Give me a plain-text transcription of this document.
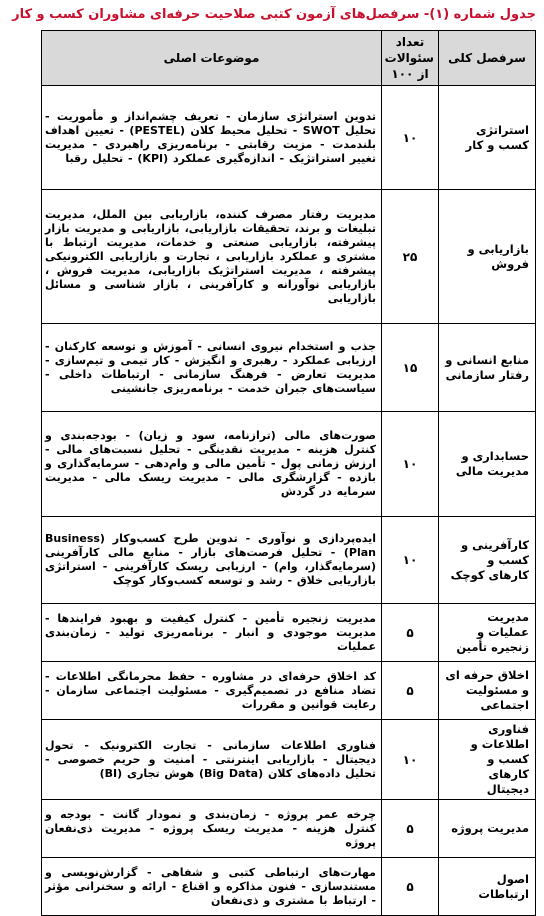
جدول شماره (۱)- سرفصل‌های آزمون کتبی صلاحیت حرفه‌ای مشاوران کسب و کار
سرفصل کلی	تعداد سئوالات از ۱۰۰	موضوعات اصلی
استراتژی کسب و کار	۱۰	تدوین استراتژی سازمان - تعریف چشم‌انداز و مأموریت - تحلیل SWOT - تحلیل محیط کلان (PESTEL) - تعیین اهداف بلندمدت - مزیت رقابتی - برنامه‌ریزی راهبردی - مدیریت تغییر استراتژیک - اندازه‌گیری عملکرد (KPI) - تحلیل رقبا
بازاریابی و فروش	۲۵	مدیریت رفتار مصرف کننده، بازاریابی بین الملل، مدیریت تبلیغات و برند، تحقیقات بازاریابی، بازاریابی و مدیریت بازار پیشرفته، بازاریابی صنعتی و خدمات، مدیریت ارتباط با مشتری و عملکرد بازاریابی ، تجارت و بازاریابی الکترونیکی پیشرفته ، مدیریت استراتژیک بازاریابی، مدیریت فروش ، بازاریابی نوآورانه و کارآفرینی ، بازار شناسی و مسائل بازاریابی
منابع انسانی و رفتار سازمانی	۱۵	جذب و استخدام نیروی انسانی - آموزش و توسعه کارکنان - ارزیابی عملکرد - رهبری و انگیزش - کار تیمی و تیم‌سازی - مدیریت تعارض - فرهنگ سازمانی - ارتباطات داخلی - سیاست‌های جبران خدمت - برنامه‌ریزی جانشینی
حسابداری و مدیریت مالی	۱۰	صورت‌های مالی (ترازنامه، سود و زیان) - بودجه‌بندی و کنترل هزینه - مدیریت نقدینگی - تحلیل نسبت‌های مالی - ارزش زمانی پول - تأمین مالی و وام‌دهی - سرمایه‌گذاری و بازده - گزارشگری مالی - مدیریت ریسک مالی - مدیریت سرمایه در گردش
کارآفرینی و کسب و کارهای کوچک	۱۰	ایده‌پردازی و نوآوری - تدوین طرح کسب‌وکار (Business Plan) - تحلیل فرصت‌های بازار - منابع مالی کارآفرینی (سرمایه‌گذار، وام) - ارزیابی ریسک کارآفرینی - استراتژی بازاریابی خلاق - رشد و توسعه کسب‌وکار کوچک
مدیریت عملیات و زنجیره تأمین	۵	مدیریت زنجیره تأمین - کنترل کیفیت و بهبود فرایندها - مدیریت موجودی و انبار - برنامه‌ریزی تولید - زمان‌بندی عملیات
اخلاق حرفه ای و مسئولیت اجتماعی	۵	کد اخلاق حرفه‌ای در مشاوره - حفظ محرمانگی اطلاعات - تضاد منافع در تصمیم‌گیری - مسئولیت اجتماعی سازمان - رعایت قوانین و مقررات
فناوری اطلاعات و کسب و کارهای دیجیتال	۱۰	فناوری اطلاعات سازمانی - تجارت الکترونیک - تحول دیجیتال - بازاریابی اینترنتی - امنیت و حریم خصوصی - تحلیل داده‌های کلان (Big Data) هوش تجاری (BI)
مدیریت پروژه	۵	چرخه عمر پروژه - زمان‌بندی و نمودار گانت - بودجه و کنترل هزینه - مدیریت ریسک پروژه - مدیریت ذی‌نفعان پروژه
اصول ارتباطات	۵	مهارت‌های ارتباطی کتبی و شفاهی - گزارش‌نویسی و مستندسازی - فنون مذاکره و اقناع - ارائه و سخنرانی مؤثر - ارتباط با مشتری و ذی‌نفعان
